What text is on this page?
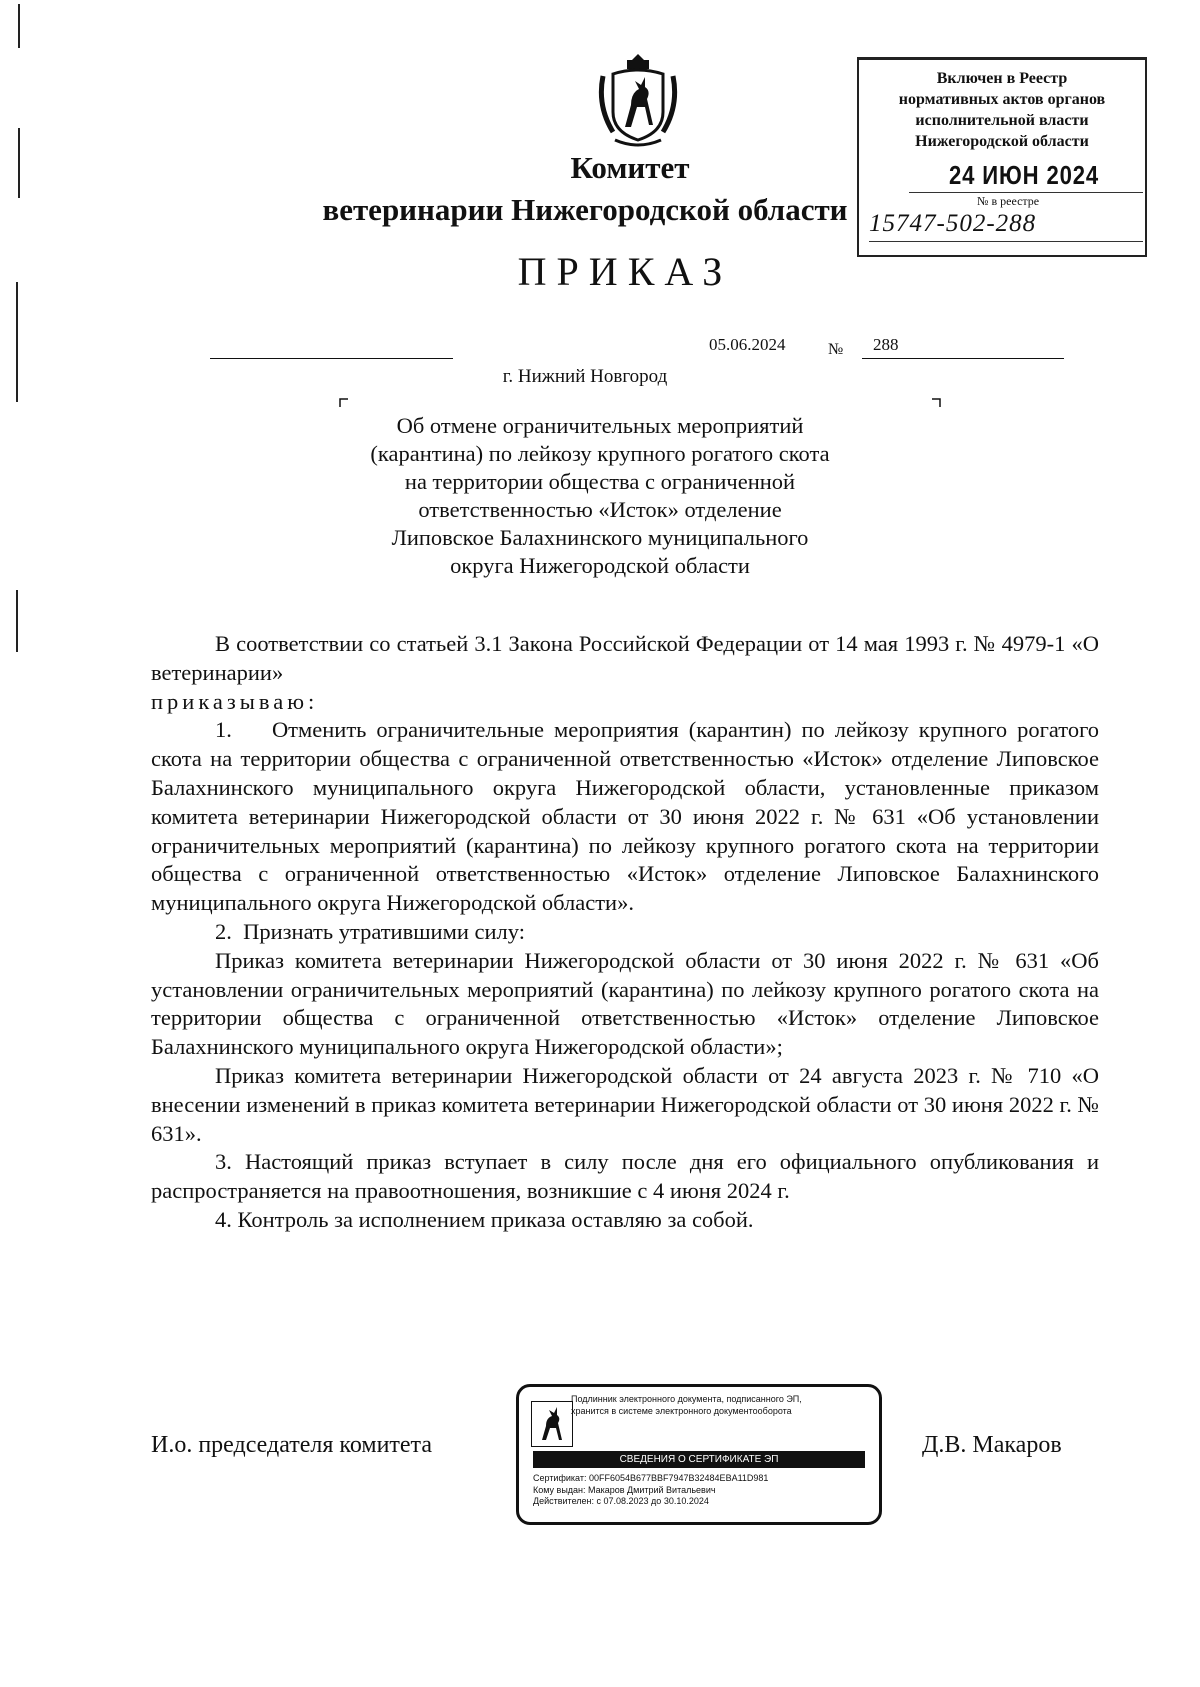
Комитет
ветеринарии Нижегородской области
ПРИКАЗ
Включен в Реестр
нормативных актов органов
исполнительной власти
Нижегородской области
24 ИЮН 2024
№ в реестре
15747-502-288
05.06.2024	№ 288
г. Нижний Новгород
Об отмене ограничительных мероприятий
(карантина) по лейкозу крупного рогатого скота
на территории общества с ограниченной
ответственностью «Исток» отделение
Липовское Балахнинского муниципального
округа Нижегородской области

В соответствии со статьей 3.1 Закона Российской Федерации от 14 мая 1993 г. № 4979-1 «О ветеринарии»

приказываю:

1.    Отменить ограничительные мероприятия (карантин) по лейкозу крупного рогатого скота на территории общества с ограниченной ответственностью «Исток» отделение Липовское Балахнинского муниципального округа Нижегородской области, установленные приказом комитета ветеринарии Нижегородской области от 30 июня 2022 г. № 631 «Об установлении ограничительных мероприятий (карантина) по лейкозу крупного рогатого скота на территории общества с ограниченной ответственностью «Исток» отделение Липовское Балахнинского муниципального округа Нижегородской области».

2.  Признать утратившими силу:

Приказ комитета ветеринарии Нижегородской области от 30 июня 2022 г. № 631 «Об установлении ограничительных мероприятий (карантина) по лейкозу крупного рогатого скота на территории общества с ограниченной ответственностью «Исток» отделение Липовское Балахнинского муниципального округа Нижегородской области»;

Приказ комитета ветеринарии Нижегородской области от 24 августа 2023 г. № 710 «О внесении изменений в приказ комитета ветеринарии Нижегородской области от 30 июня 2022 г. № 631».

3. Настоящий приказ вступает в силу после дня его официального опубликования и распространяется на правоотношения, возникшие с 4 июня 2024 г.

4. Контроль за исполнением приказа оставляю за собой.

И.о. председателя комитета	Д.В. Макаров
Подлинник электронного документа, подписанного ЭП,
хранится в системе электронного документооборота
СВЕДЕНИЯ О СЕРТИФИКАТЕ ЭП
Сертификат: 00FF6054B677BBF7947B32484EBA11D981
Кому выдан: Макаров Дмитрий Витальевич
Действителен: с 07.08.2023 до 30.10.2024
